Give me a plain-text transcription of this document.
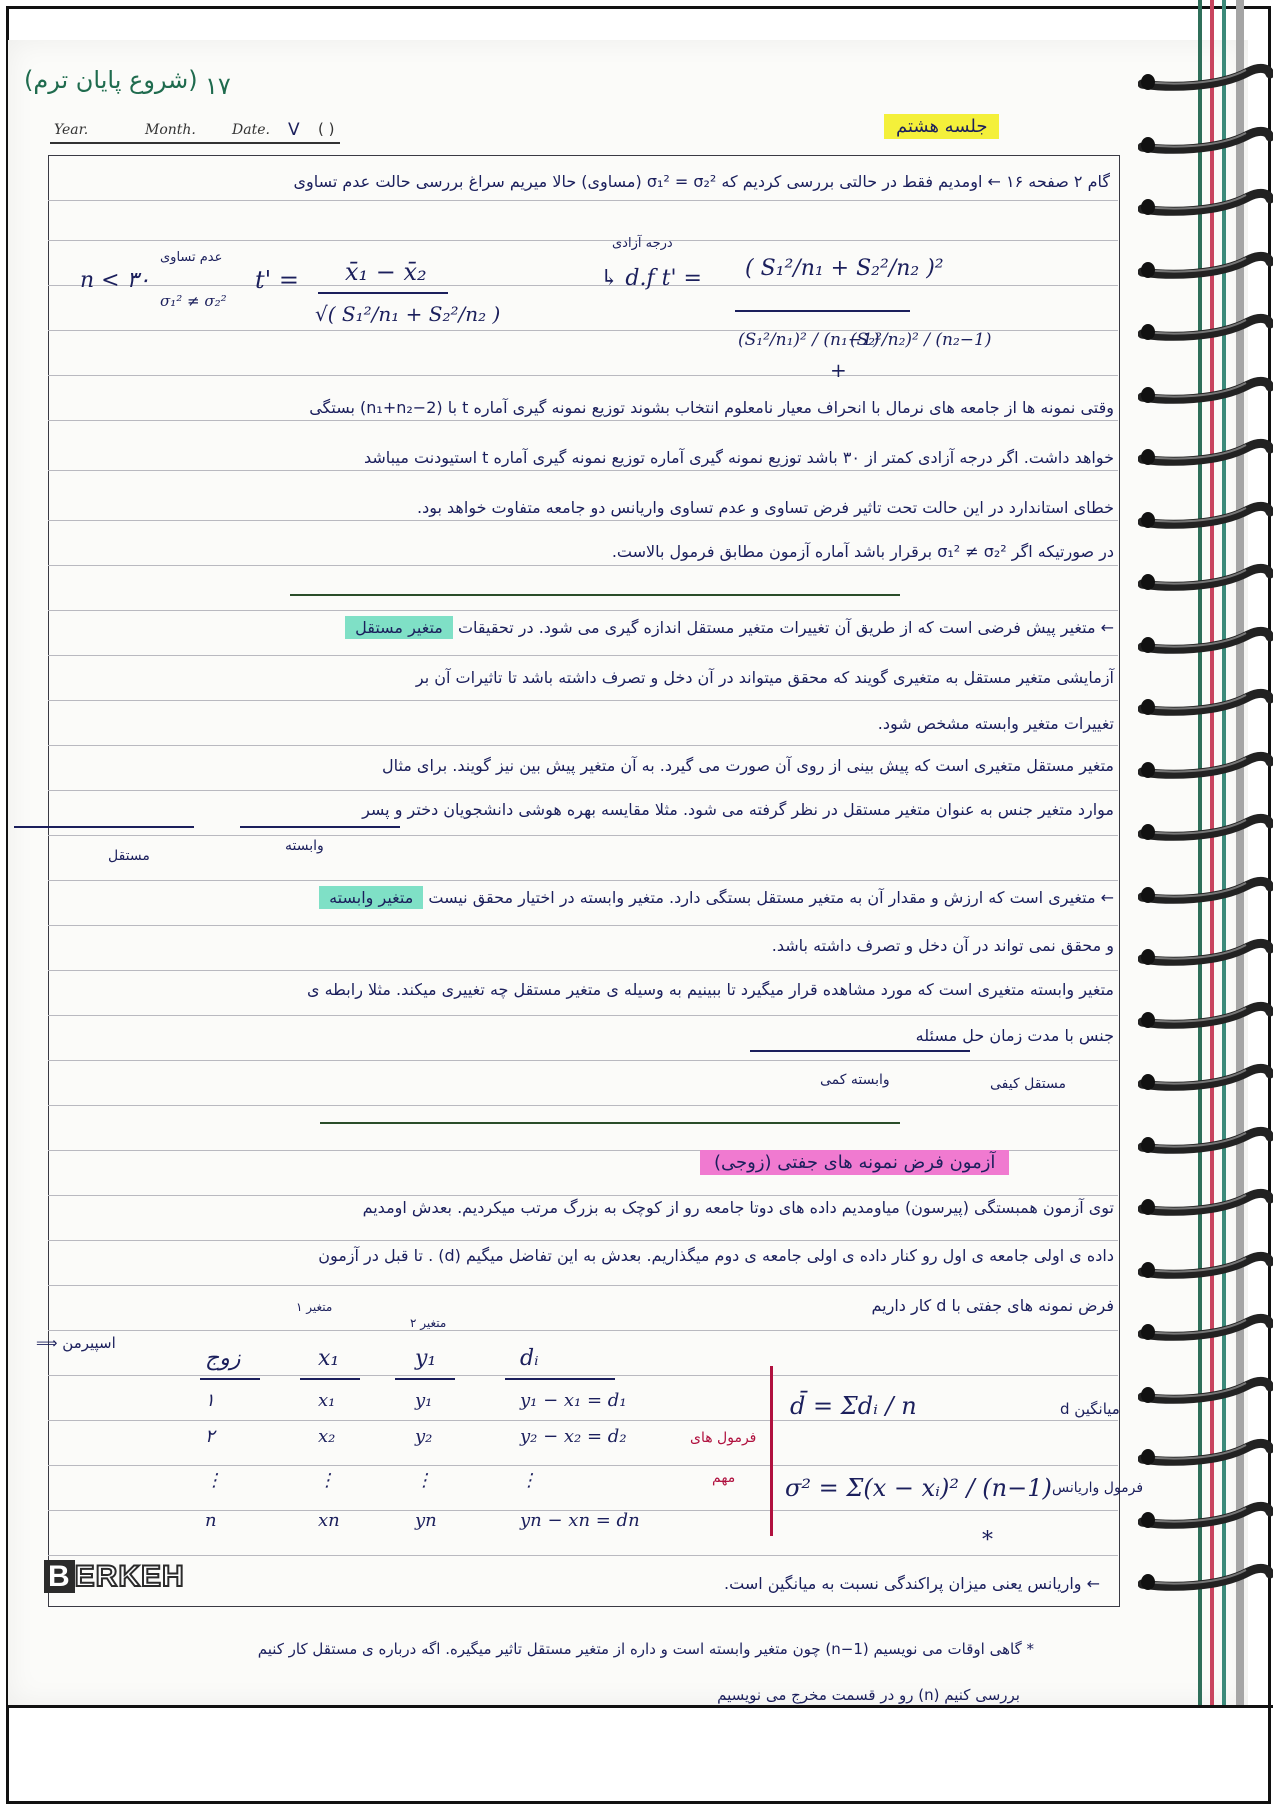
۱۷
(شروع پایان ترم)
Year.	Month.	Date. V ( )	جلسه هشتم
گام ۲ صفحه ۱۶ ← اومدیم فقط در حالتی بررسی کردیم که σ₁² = σ₂² (مساوی) حالا میریم سراغ بررسی حالت عدم تساوی
n < ۳۰
عدم تساوی
σ₁² ≠ σ₂²
t' = x̄₁ − x̄₂
√( S₁²/n₁ + S₂²/n₂ )
درجه آزادی
↳ d.f t' = ( S₁²/n₁ + S₂²/n₂ )²
(S₁²/n₁)² / (n₁−1)
+
(S₂²/n₂)² / (n₂−1)
وقتی نمونه ها از جامعه های نرمال با انحراف معیار نامعلوم انتخاب بشوند توزیع نمونه گیری آماره t با (n₁+n₂−2) بستگی
خواهد داشت. اگر درجه آزادی کمتر از ۳۰ باشد توزیع نمونه گیری آماره توزیع نمونه گیری آماره t استیودنت میباشد
خطای استاندارد در این حالت تحت تاثیر فرض تساوی و عدم تساوی واریانس دو جامعه متفاوت خواهد بود.
در صورتیکه اگر σ₁² ≠ σ₂² برقرار باشد آماره آزمون مطابق فرمول بالاست.
← متغیر پیش فرضی است که از طریق آن تغییرات متغیر مستقل اندازه گیری می شود. در تحقیقات متغیر مستقل
آزمایشی متغیر مستقل به متغیری گویند که محقق میتواند در آن دخل و تصرف داشته باشد تا تاثیرات آن بر
تغییرات متغیر وابسته مشخص شود.
متغیر مستقل متغیری است که پیش بینی از روی آن صورت می گیرد. به آن متغیر پیش بین نیز گویند. برای مثال
موارد متغیر جنس به عنوان متغیر مستقل در نظر گرفته می شود. مثلا مقایسه بهره هوشی دانشجویان دختر و پسر
مستقل
وابسته
← متغیری است که ارزش و مقدار آن به متغیر مستقل بستگی دارد. متغیر وابسته در اختیار محقق نیست متغیر وابسته
و محقق نمی تواند در آن دخل و تصرف داشته باشد.
متغیر وابسته متغیری است که مورد مشاهده قرار میگیرد تا ببینیم به وسیله ی متغیر مستقل چه تغییری میکند. مثلا رابطه ی
جنس با مدت زمان حل مسئله
وابسته کمی	مستقل کیفی
آزمون فرض نمونه های جفتی (زوجی)
توی آزمون همبستگی (پیرسون) میاومدیم داده های دوتا جامعه رو از کوچک به بزرگ مرتب میکردیم. بعدش اومدیم
داده ی اولی جامعه ی اول رو کنار داده ی اولی جامعه ی دوم میگذاریم. بعدش به این تفاضل میگیم (d) . تا قبل در آزمون
فرض نمونه های جفتی با d کار داریم
اسپیرمن ⟹
متغیر ۱
متغیر ۲
زوج	x₁	y₁	dᵢ
۱	x₁	y₁	y₁ − x₁ = d₁
۲	x₂	y₂	y₂ − x₂ = d₂
⋮	⋮	⋮	⋮
n	xn	yn	yn − xn = dn
فرمول های
مهم
d̄ = Σdᵢ / n	میانگین d
σ² = Σ(x − xᵢ)² / (n−1) فرمول واریانس
*
← واریانس یعنی میزان پراکندگی نسبت به میانگین است.
* گاهی اوقات می نویسیم (n−1) چون متغیر وابسته است و داره از متغیر مستقل تاثیر میگیره. اگه درباره ی مستقل کار کنیم
بررسی کنیم (n) رو در قسمت مخرج می نویسیم
B ERKEH
